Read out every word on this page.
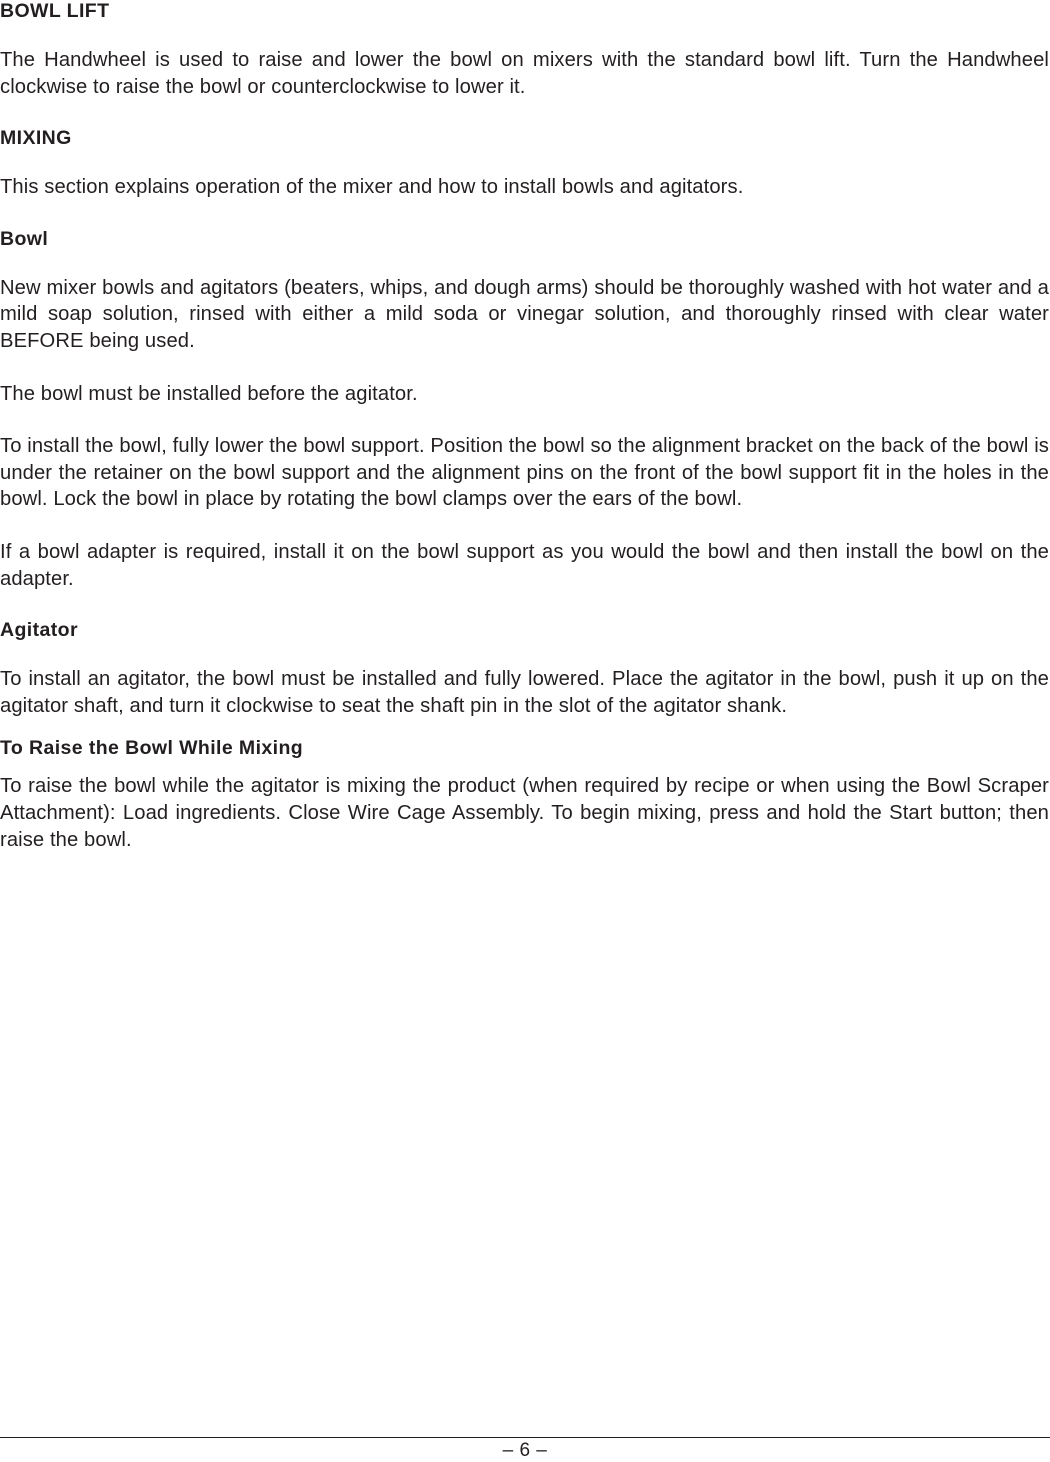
BOWL LIFT

The Handwheel is used to raise and lower the bowl on mixers with the standard bowl lift. Turn the Handwheel clockwise to raise the bowl or counterclockwise to lower it.

MIXING

This section explains operation of the mixer and how to install bowls and agitators.

Bowl

New mixer bowls and agitators (beaters, whips, and dough arms) should be thoroughly washed with hot water and a mild soap solution, rinsed with either a mild soda or vinegar solution, and thoroughly rinsed with clear water BEFORE being used.

The bowl must be installed before the agitator.

To install the bowl, fully lower the bowl support. Position the bowl so the alignment bracket on the back of the bowl is under the retainer on the bowl support and the alignment pins on the front of the bowl support fit in the holes in the bowl. Lock the bowl in place by rotating the bowl clamps over the ears of the bowl.

If a bowl adapter is required, install it on the bowl support as you would the bowl and then install the bowl on the adapter.

Agitator

To install an agitator, the bowl must be installed and fully lowered. Place the agitator in the bowl, push it up on the agitator shaft, and turn it clockwise to seat the shaft pin in the slot of the agitator shank.

To Raise the Bowl While Mixing

To raise the bowl while the agitator is mixing the product (when required by recipe or when using the Bowl Scraper Attachment): Load ingredients. Close Wire Cage Assembly. To begin mixing, press and hold the Start button; then raise the bowl.

– 6 –
